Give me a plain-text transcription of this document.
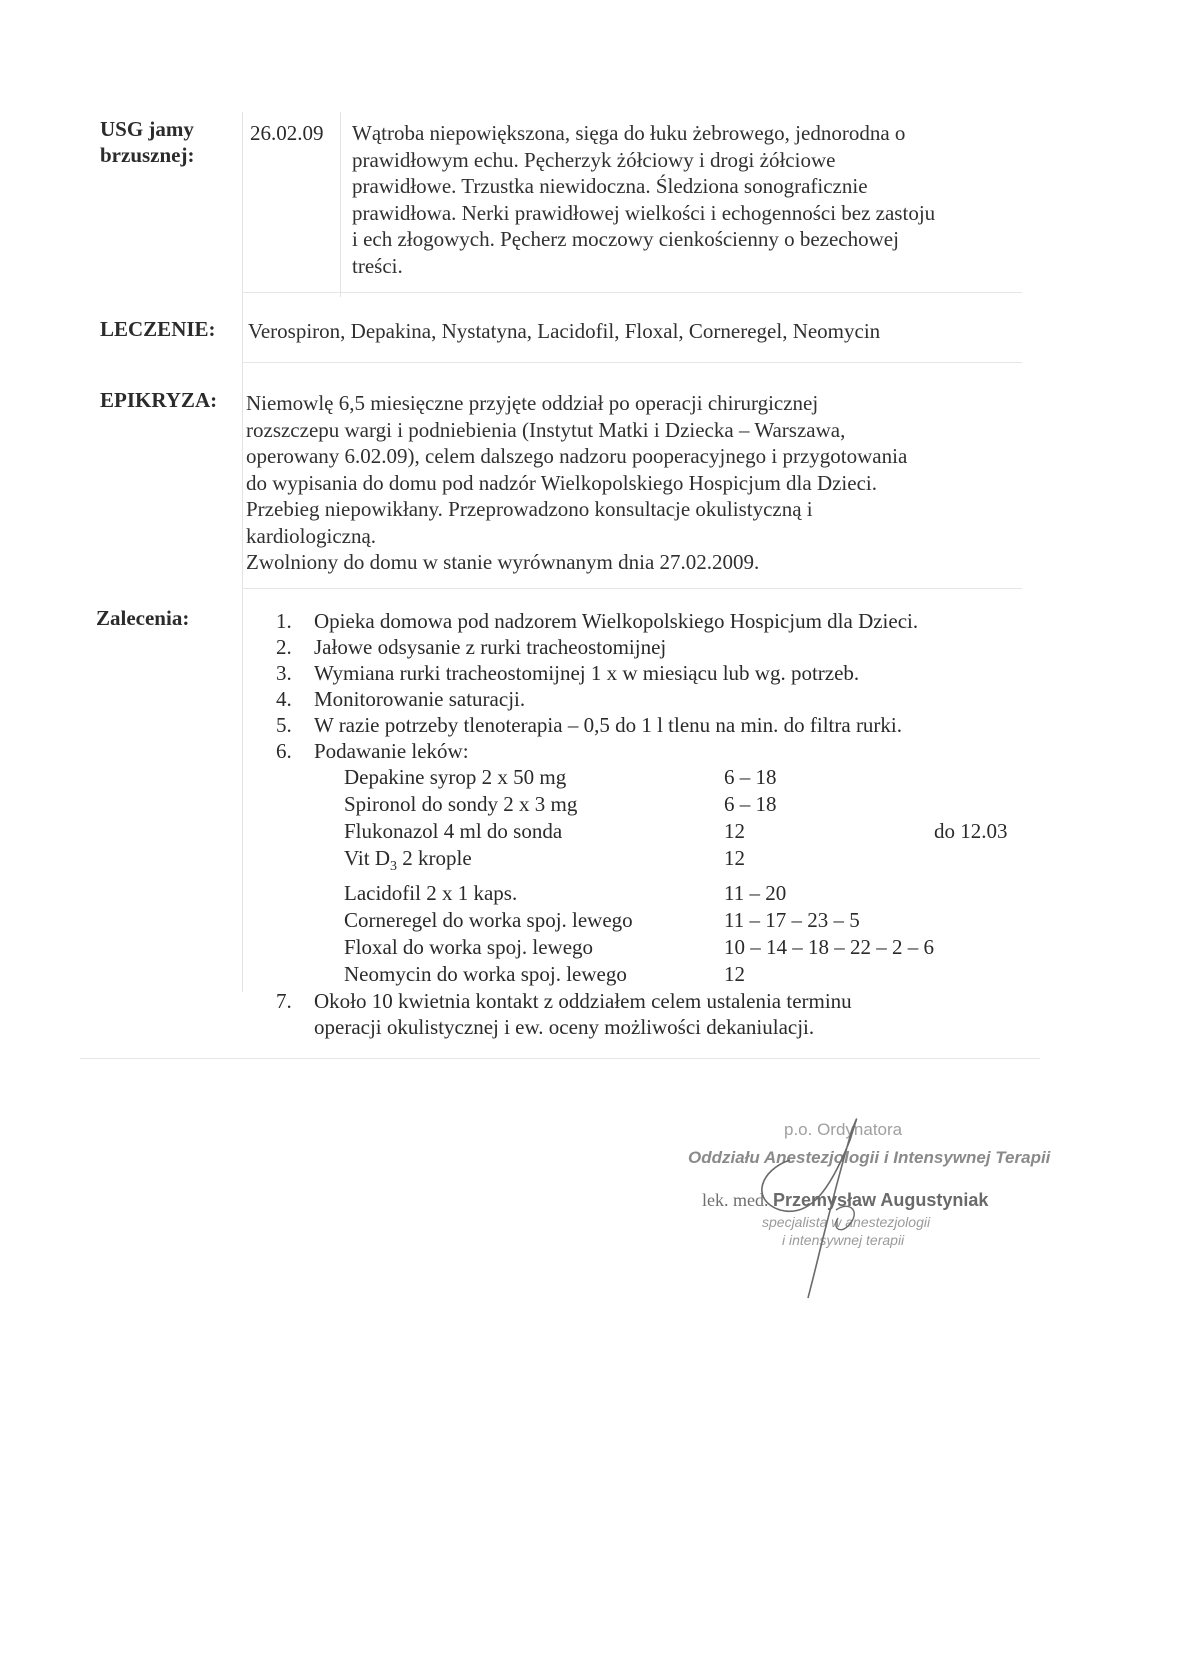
USG jamy
brzusznej:
26.02.09 Wątroba niepowiększona, sięga do łuku żebrowego, jednorodna o
prawidłowym echu. Pęcherzyk żółciowy i drogi żółciowe
prawidłowe. Trzustka niewidoczna. Śledziona sonograficznie
prawidłowa. Nerki prawidłowej wielkości i echogenności bez zastoju
i ech złogowych. Pęcherz moczowy cienkościenny o bezechowej
treści.
LECZENIE: Verospiron, Depakina, Nystatyna, Lacidofil, Floxal, Corneregel, Neomycin
EPIKRYZA: Niemowlę 6,5 miesięczne przyjęte oddział po operacji chirurgicznej
rozszczepu wargi i podniebienia (Instytut Matki i Dziecka – Warszawa,
operowany 6.02.09), celem dalszego nadzoru pooperacyjnego i przygotowania
do wypisania do domu pod nadzór Wielkopolskiego Hospicjum dla Dzieci.
Przebieg niepowikłany. Przeprowadzono konsultacje okulistyczną i
kardiologiczną.
Zwolniony do domu w stanie wyrównanym dnia 27.02.2009.
Zalecenia:	1. Opieka domowa pod nadzorem Wielkopolskiego Hospicjum dla Dzieci.
2. Jałowe odsysanie z rurki tracheostomijnej
3. Wymiana rurki tracheostomijnej 1 x w miesiącu lub wg. potrzeb.
4. Monitorowanie saturacji.
5. W razie potrzeby tlenoterapia – 0,5 do 1 l tlenu na min. do filtra rurki.
6. Podawanie leków:
Depakine syrop 2 x 50 mg	6 – 18	
Spironol do sondy 2 x 3 mg	6 – 18	
Flukonazol 4 ml do sonda	12	do 12.03
Vit $D_3$ 2 krople	12	
Lacidofil 2 x 1 kaps.	11 – 20	
Corneregel do worka spoj. lewego	11 – 17 – 23 – 5	
Floxal do worka spoj. lewego	10 – 14 – 18 – 22 – 2 – 6	
Neomycin do worka spoj. lewego	12	
7. Około 10 kwietnia kontakt z oddziałem celem ustalenia terminu
operacji okulistycznej i ew. oceny możliwości dekaniulacji.
p.o. Ordynatora
Oddziału Anestezjologii i Intensywnej Terapii
lek. med. Przemysław Augustyniak
specjalista w anestezjologii
i intensywnej terapii
